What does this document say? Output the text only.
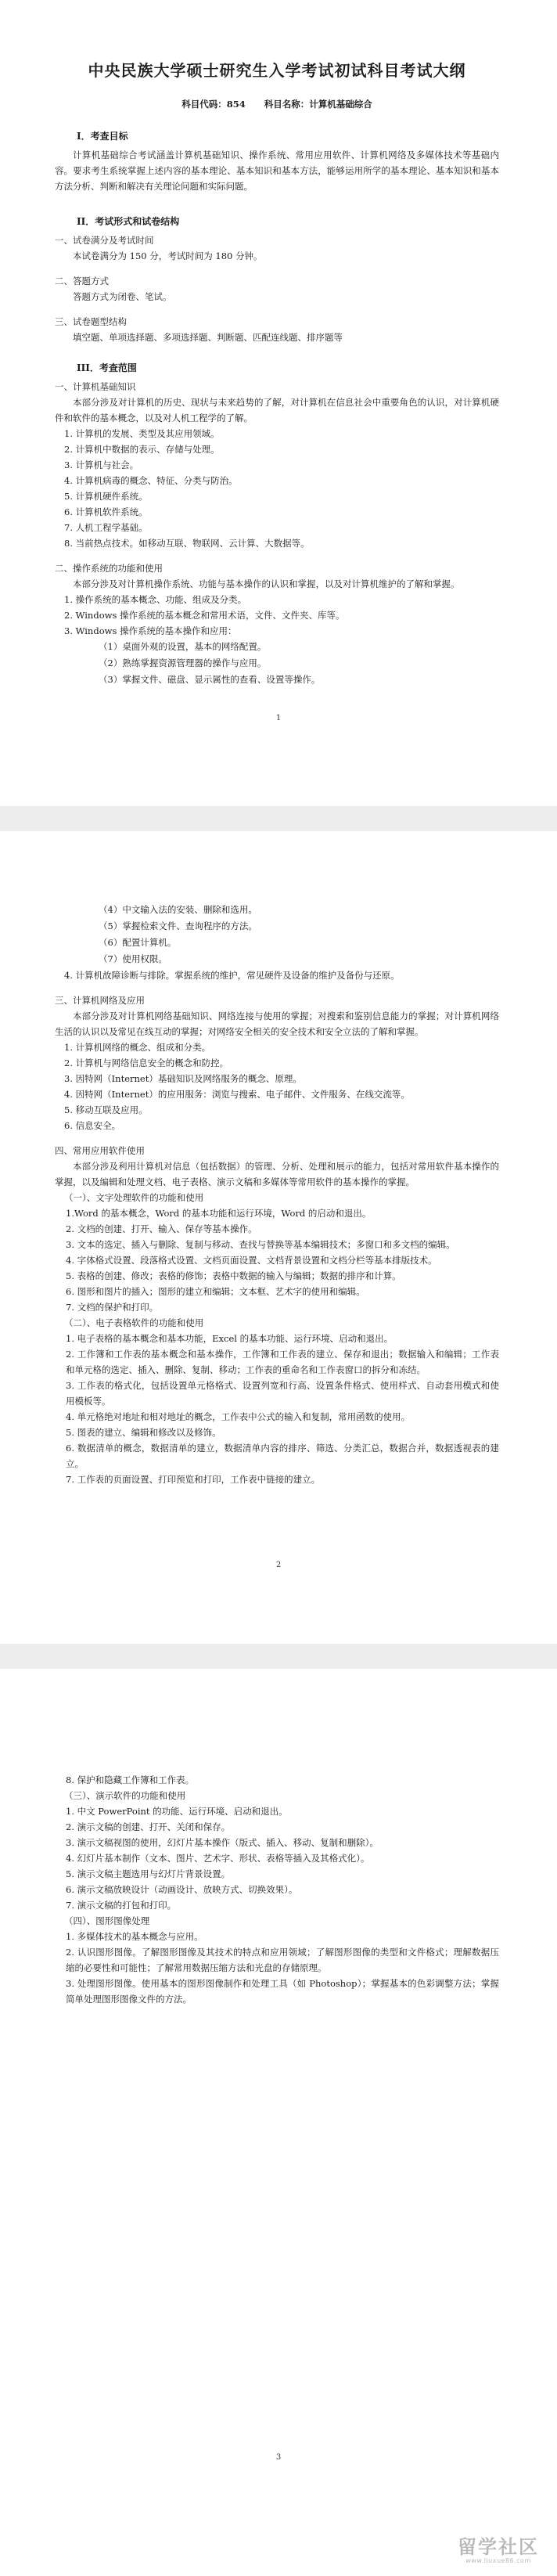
中央民族大学硕士研究生入学考试初试科目考试大纲
科目代码：854 科目名称：计算机基础综合
I．考查目标

计算机基础综合考试涵盖计算机基础知识、操作系统、常用应用软件、计算机网络及多媒体技术等基础内容。要求考生系统掌握上述内容的基本理论、基本知识和基本方法，能够运用所学的基本理论、基本知识和基本方法分析、判断和解决有关理论问题和实际问题。

II．考试形式和试卷结构

一、试卷满分及考试时间

本试卷满分为 150 分，考试时间为 180 分钟。

二、答题方式

答题方式为闭卷、笔试。

三、试卷题型结构

填空题、单项选择题、多项选择题、判断题、匹配连线题、排序题等

III．考查范围

一、计算机基础知识

本部分涉及对计算机的历史、现状与未来趋势的了解，对计算机在信息社会中重要角色的认识，对计算机硬件和软件的基本概念，以及对人机工程学的了解。

1. 计算机的发展、类型及其应用领域。
2. 计算机中数据的表示、存储与处理。
3. 计算机与社会。
4. 计算机病毒的概念、特征、分类与防治。
5. 计算机硬件系统。
6. 计算机软件系统。
7. 人机工程学基础。
8. 当前热点技术。如移动互联、物联网、云计算、大数据等。

二、操作系统的功能和使用

本部分涉及对计算机操作系统、功能与基本操作的认识和掌握，以及对计算机维护的了解和掌握。

1. 操作系统的基本概念、功能、组成及分类。
2. Windows 操作系统的基本概念和常用术语，文件、文件夹、库等。
3. Windows 操作系统的基本操作和应用：
（1）桌面外观的设置，基本的网络配置。
（2）熟练掌握资源管理器的操作与应用。
（3）掌握文件、磁盘、显示属性的查看、设置等操作。
1
（4）中文输入法的安装、删除和选用。
（5）掌握检索文件、查询程序的方法。
（6）配置计算机。
（7）使用权限。

4. 计算机故障诊断与排除。掌握系统的维护，常见硬件及设备的维护及备份与还原。

三、计算机网络及应用

本部分涉及对计算机网络基础知识、网络连接与使用的掌握；对搜索和鉴别信息能力的掌握；对计算机网络生活的认识以及常见在线互动的掌握；对网络安全相关的安全技术和安全立法的了解和掌握。

1. 计算机网络的概念、组成和分类。
2. 计算机与网络信息安全的概念和防控。
3. 因特网（Internet）基础知识及网络服务的概念、原理。
4. 因特网（Internet）的应用服务：浏览与搜索、电子邮件、文件服务、在线交流等。
5. 移动互联及应用。
6. 信息安全。

四、常用应用软件使用

本部分涉及利用计算机对信息（包括数据）的管理、分析、处理和展示的能力，包括对常用软件基本操作的掌握，以及编辑和处理文档、电子表格、演示文稿和多媒体等常用软件的基本操作的掌握。

（一）、文字处理软件的功能和使用

1.Word 的基本概念，Word 的基本功能和运行环境，Word 的启动和退出。

2. 文档的创建、打开、输入、保存等基本操作。

3. 文本的选定、插入与删除、复制与移动、查找与替换等基本编辑技术；多窗口和多文档的编辑。

4. 字体格式设置、段落格式设置、文档页面设置、文档背景设置和文档分栏等基本排版技术。

5. 表格的创建、修改；表格的修饰；表格中数据的输入与编辑；数据的排序和计算。

6. 图形和图片的插入；图形的建立和编辑；文本框、艺术字的使用和编辑。

7. 文档的保护和打印。

（二）、电子表格软件的功能和使用

1. 电子表格的基本概念和基本功能，Excel 的基本功能、运行环境、启动和退出。

2. 工作簿和工作表的基本概念和基本操作，工作簿和工作表的建立、保存和退出；数据输入和编辑；工作表和单元格的选定、插入、删除、复制、移动；工作表的重命名和工作表窗口的拆分和冻结。

3. 工作表的格式化，包括设置单元格格式、设置列宽和行高、设置条件格式、使用样式、自动套用模式和使用模板等。

4. 单元格绝对地址和相对地址的概念，工作表中公式的输入和复制，常用函数的使用。

5. 图表的建立、编辑和修改以及修饰。

6. 数据清单的概念，数据清单的建立，数据清单内容的排序、筛选、分类汇总，数据合并，数据透视表的建立。

7. 工作表的页面设置、打印预览和打印，工作表中链接的建立。

2

8. 保护和隐藏工作簿和工作表。

（三）、演示软件的功能和使用

1. 中文 PowerPoint 的功能、运行环境、启动和退出。

2. 演示文稿的创建、打开、关闭和保存。

3. 演示文稿视图的使用，幻灯片基本操作（版式、插入、移动、复制和删除）。

4. 幻灯片基本制作（文本、图片、艺术字、形状、表格等插入及其格式化）。

5. 演示文稿主题选用与幻灯片背景设置。

6. 演示文稿放映设计（动画设计、放映方式、切换效果）。

7. 演示文稿的打包和打印。

（四）、图形图像处理

1. 多媒体技术的基本概念与应用。

2. 认识图形图像。了解图形图像及其技术的特点和应用领域；了解图形图像的类型和文件格式；理解数据压缩的必要性和可能性；了解常用数据压缩方法和光盘的存储原理。

3. 处理图形图像。使用基本的图形图像制作和处理工具（如 Photoshop）；掌握基本的色彩调整方法；掌握简单处理图形图像文件的方法。

3
留学社区
www.liuxue86.com
